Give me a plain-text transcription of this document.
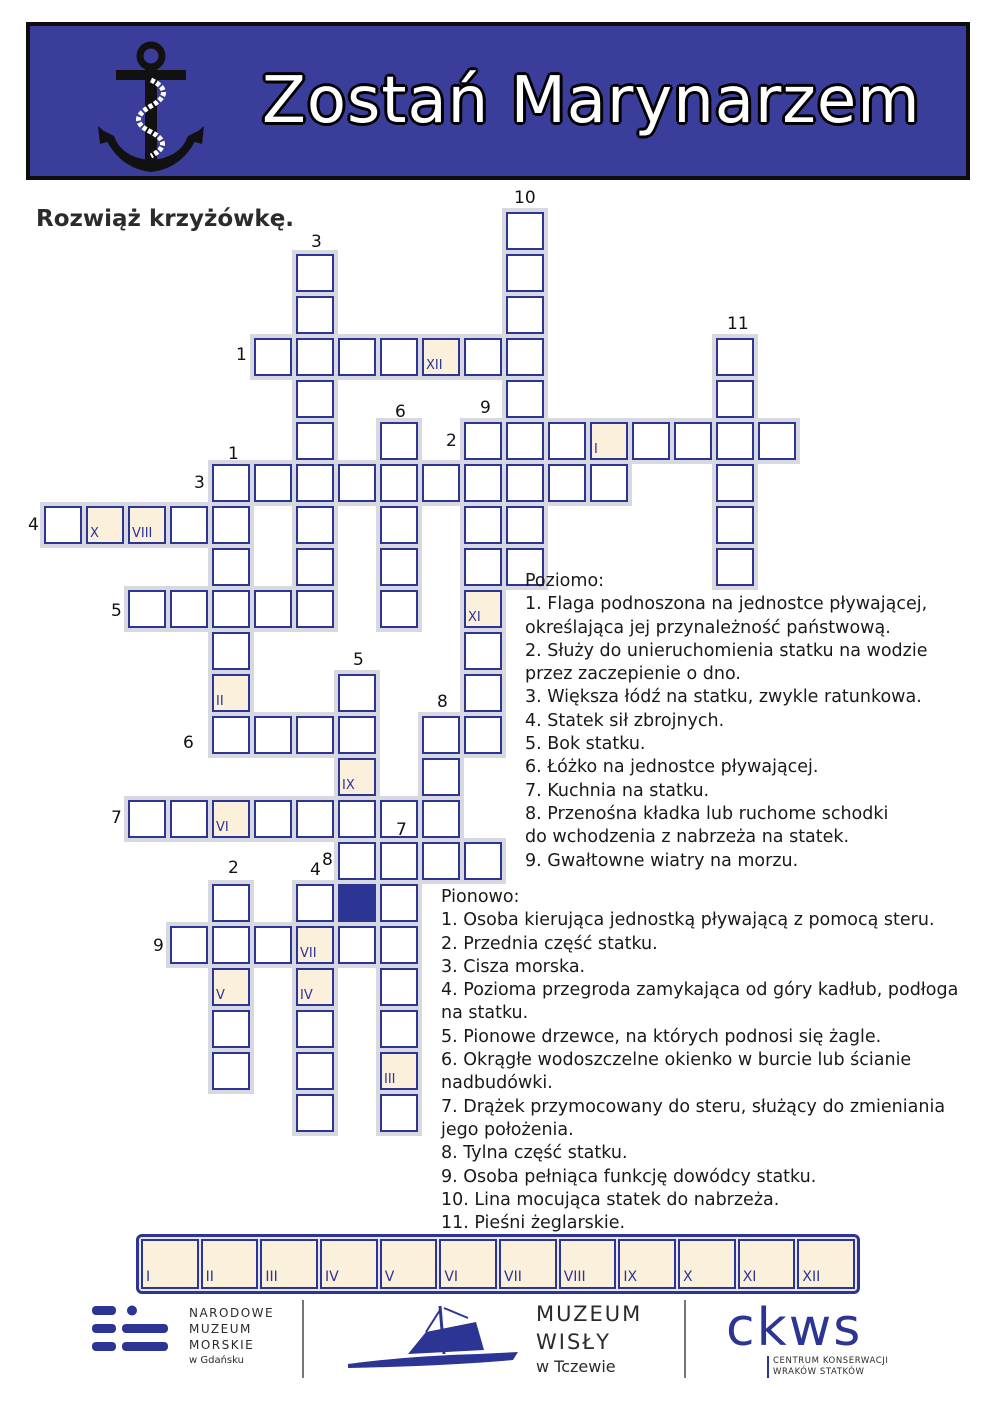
Zostań Marynarzem
Rozwiąż krzyżówkę.
XI
III
IX
IV
V
II
VII
VI
VIII
X
I
XII
1
2
3
4
5
6
7
8
9
1
2
3
4
5
6
7
8
9
10
11
Poziomo:
1. Flaga podnoszona na jednostce pływającej,
określająca jej przynależność państwową.
2. Służy do unieruchomienia statku na wodzie
przez zaczepienie o dno.
3. Większa łódź na statku, zwykle ratunkowa.
4. Statek sił zbrojnych.
5. Bok statku.
6. Łóżko na jednostce pływającej.
7. Kuchnia na statku.
8. Przenośna kładka lub ruchome schodki
do wchodzenia z nabrzeża na statek.
9. Gwałtowne wiatry na morzu.
Pionowo:
1. Osoba kierująca jednostką pływającą z pomocą steru.
2. Przednia część statku.
3. Cisza morska.
4. Pozioma przegroda zamykająca od góry kadłub, podłoga
na statku.
5. Pionowe drzewce, na których podnosi się żagle.
6. Okrągłe wodoszczelne okienko w burcie lub ścianie
nadbudówki.
7. Drążek przymocowany do steru, służący do zmieniania
jego położenia.
8. Tylna część statku.
9. Osoba pełniąca funkcję dowódcy statku.
10. Lina mocująca statek do nabrzeża.
11. Pieśni żeglarskie.
I	II	III	IV	V	VI	VII	VIII	IX	X	XI	XII
NARODOWE
MUZEUM
MORSKIE
w Gdańsku
MUZEUM
WISŁY
w Tczewie
ckws
CENTRUM KONSERWACJI
WRAKÓW STATKÓW
